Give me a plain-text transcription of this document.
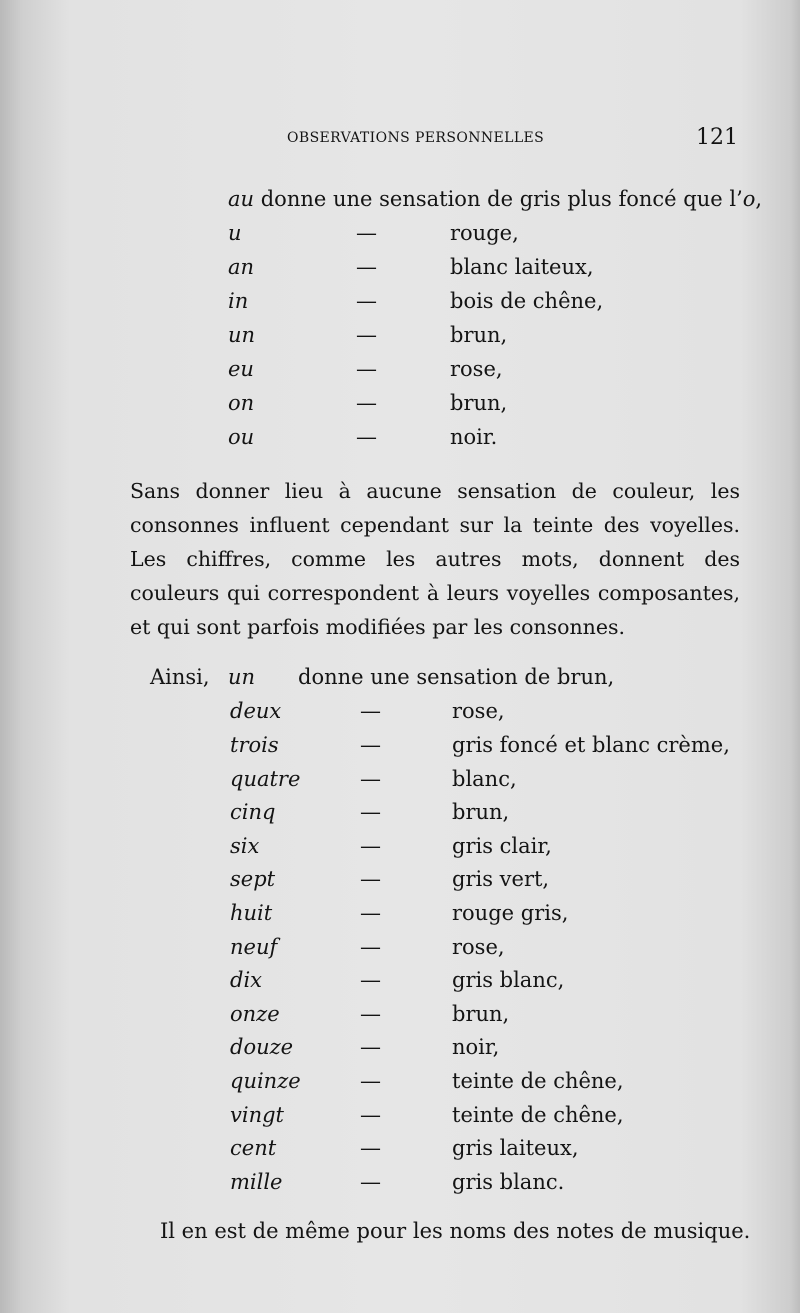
OBSERVATIONS PERSONNELLES	121
au donne une sensation de gris plus foncé que l’o,
u	—	rouge,
an	—	blanc laiteux,
in	—	bois de chêne,
un	—	brun,
eu	—	rose,
on	—	brun,
ou	—	noir.

Sans donner lieu à aucune sensation de couleur, les consonnes influent cependant sur la teinte des voyelles. Les chiffres, comme les autres mots, donnent des couleurs qui correspondent à leurs voyelles composantes, et qui sont parfois modifiées par les consonnes.

Ainsi, un donne une sensation de brun,
deux	—	rose,
trois	—	gris foncé et blanc crème,
quatre	—	blanc,
cinq	—	brun,
six	—	gris clair,
sept	—	gris vert,
huit	—	rouge gris,
neuf	—	rose,
dix	—	gris blanc,
onze	—	brun,
douze	—	noir,
quinze	—	teinte de chêne,
vingt	—	teinte de chêne,
cent	—	gris laiteux,
mille	—	gris blanc.
Il en est de même pour les noms des notes de musique.
